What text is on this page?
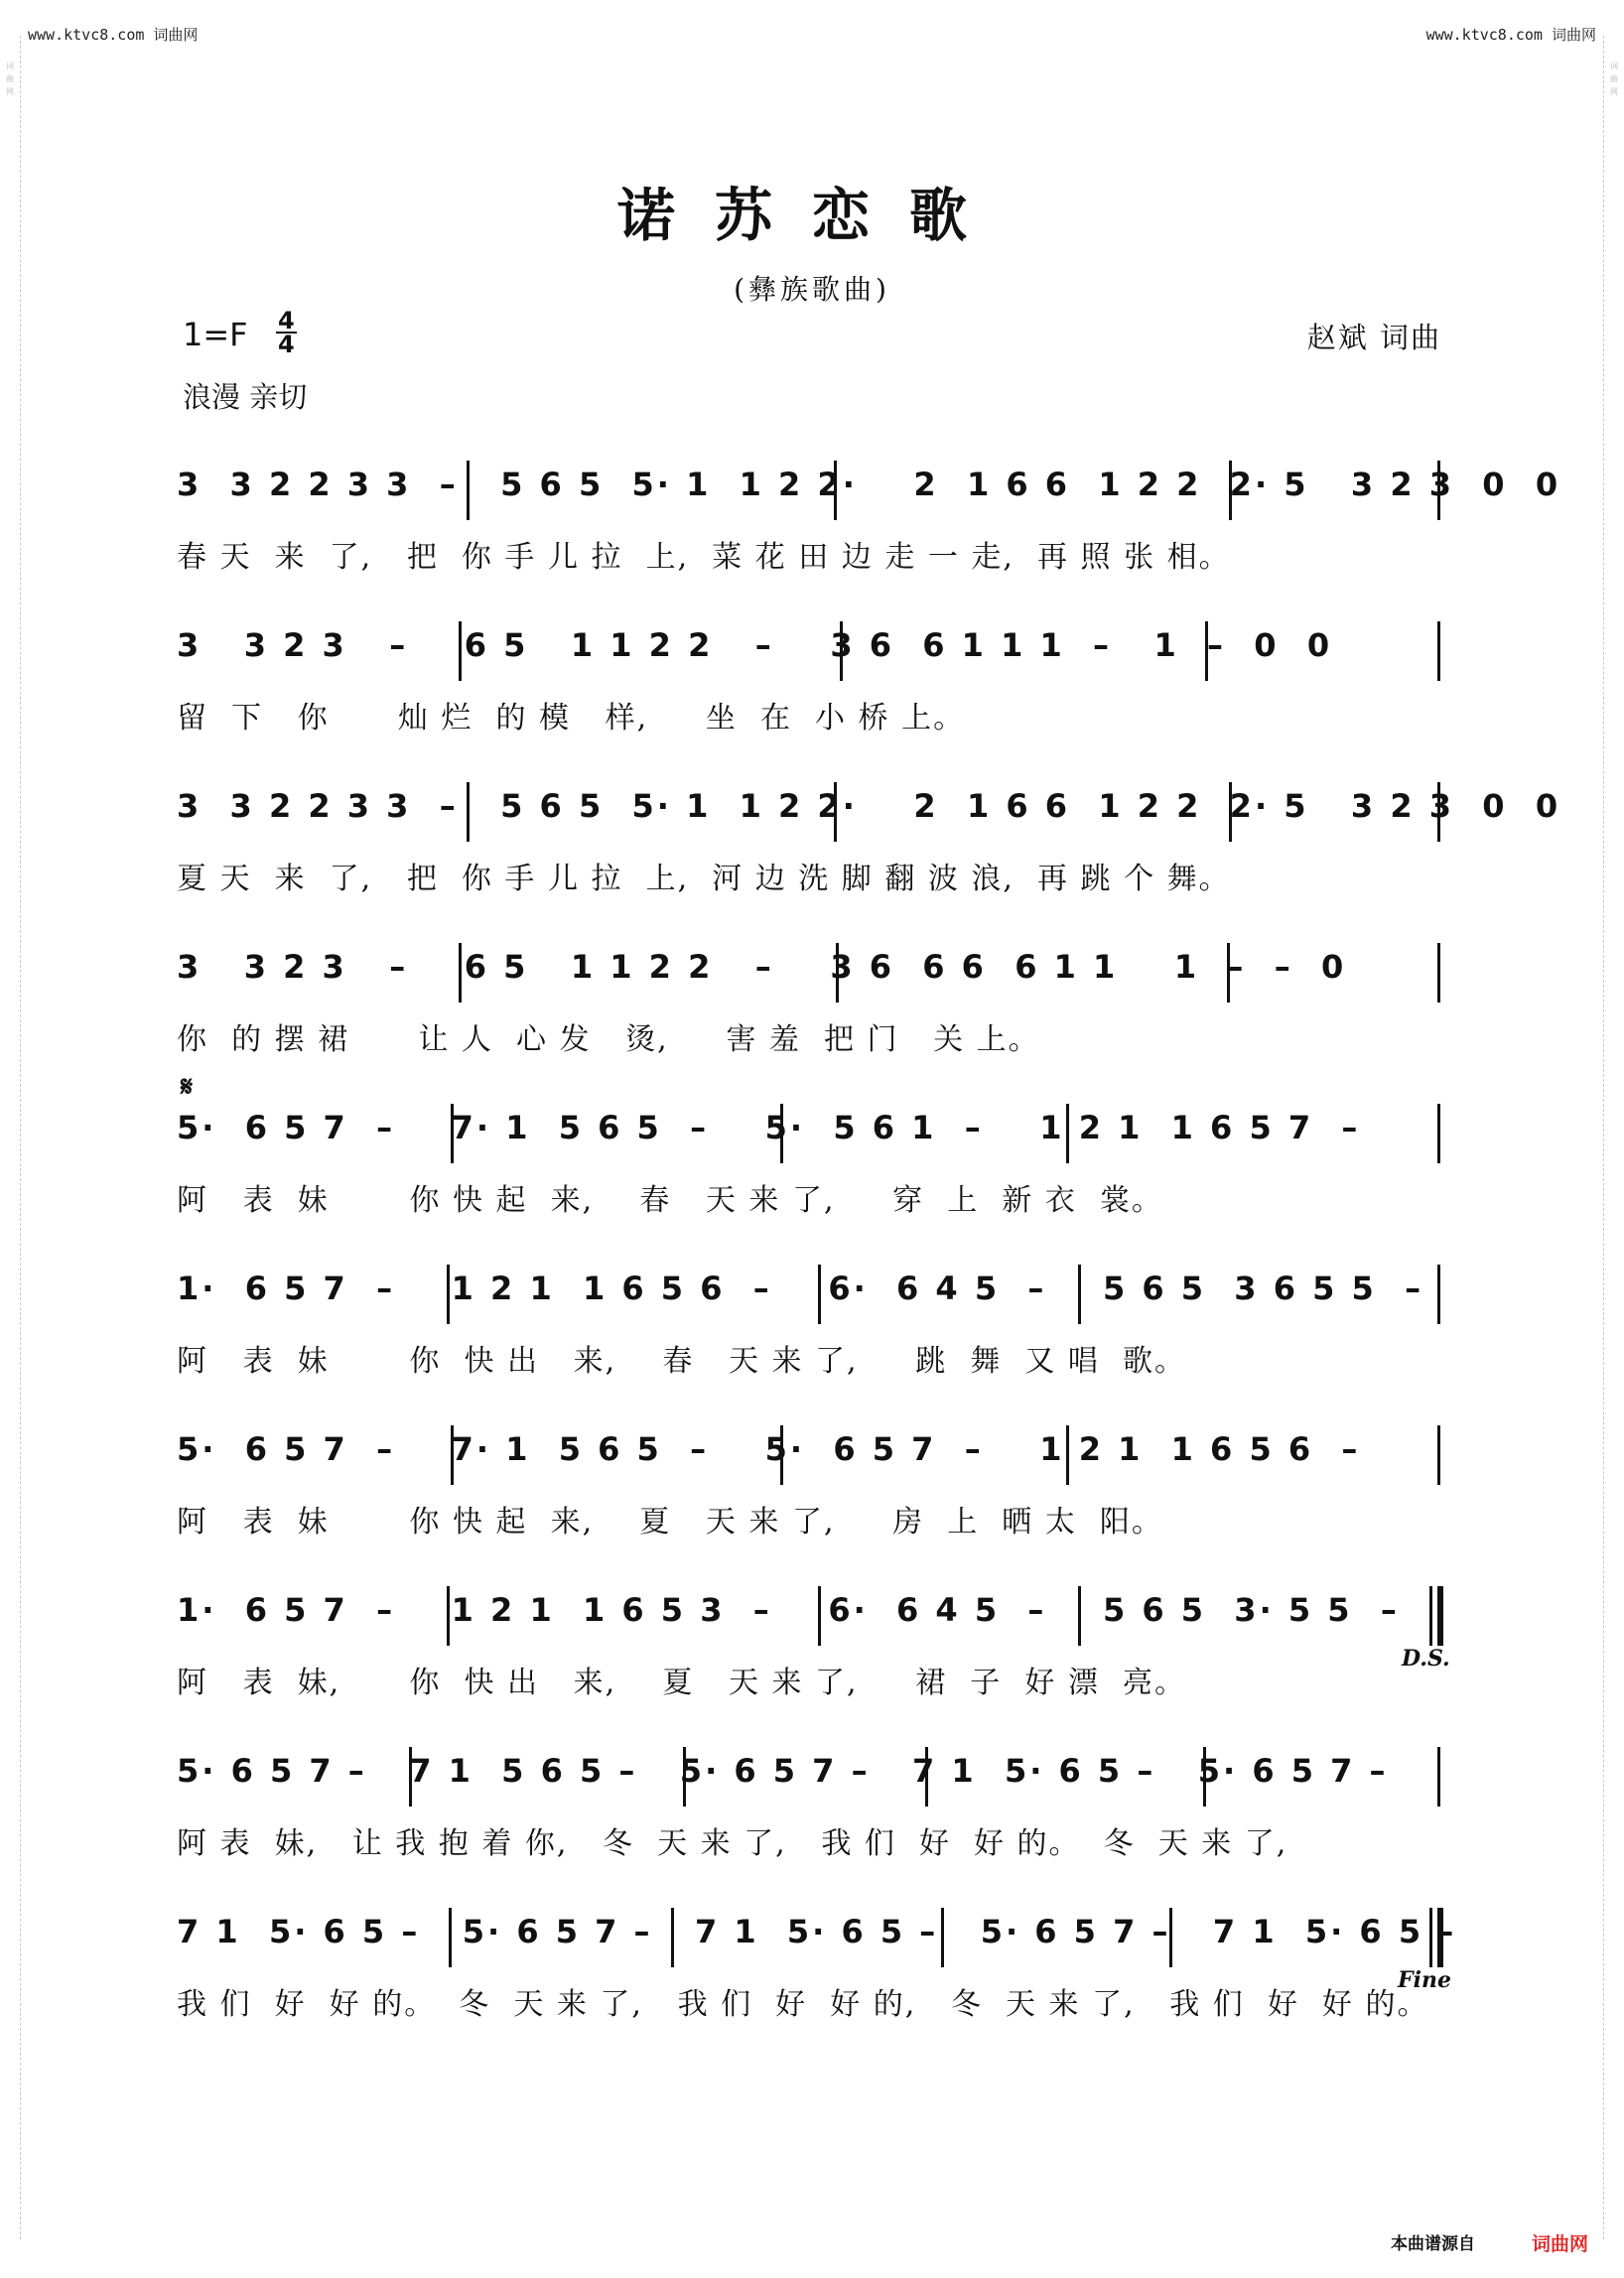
www.ktvc8.com 词曲网	www.ktvc8.com 词曲网
词曲网
词曲网
诺苏恋歌
(彝族歌曲)
1=F 4
4	赵斌 词曲
浪漫 亲切
3  3 2 2 3 3  –   5 6 5  5· 1  1 2 2·    2  1 6 6  1 2 2  2· 5   3 2 3  0  0
春 天  来  了,   把  你 手 儿 拉  上,  菜 花 田 边 走 一 走,  再 照 张 相。
3   3 2 3   –    6 5   1 1 2 2   –    3 6  6 1 1 1  –   1  –  0  0
留  下   你      灿 烂  的 模   样,     坐  在  小 桥 上。
3  3 2 2 3 3  –   5 6 5  5· 1  1 2 2·    2  1 6 6  1 2 2  2· 5   3 2 3  0  0
夏 天  来  了,   把  你 手 儿 拉  上,  河 边 洗 脚 翻 波 浪,  再 跳 个 舞。
3   3 2 3   –    6 5   1 1 2 2   –    3 6  6 6  6 1 1    1  –  –  0
你  的 摆 裙      让 人  心 发   烫,     害 羞  把 门   关 上。
𝄋
5·  6 5 7  –    7· 1  5 6 5  –    5·  5 6 1  –    1 2 1  1 6 5 7  –
阿   表  妹       你 快 起  来,    春   天 来 了,     穿  上  新 衣  裳。
1·  6 5 7  –    1 2 1  1 6 5 6  –    6·  6 4 5  –    5 6 5  3 6 5 5  –
阿   表  妹       你  快 出   来,    春   天 来 了,     跳  舞  又 唱  歌。
5·  6 5 7  –    7· 1  5 6 5  –    5·  6 5 7  –    1 2 1  1 6 5 6  –
阿   表  妹       你 快 起  来,    夏   天 来 了,     房  上  晒 太  阳。
1·  6 5 7  –    1 2 1  1 6 5 3  –    6·  6 4 5  –    5 6 5  3· 5 5  –
D.S.
阿   表  妹,      你  快 出   来,    夏   天 来 了,     裙  子  好 漂  亮。
5· 6 5 7 –   7 1  5 6 5 –   5· 6 5 7 –   7 1  5· 6 5 –   5· 6 5 7 –
阿 表  妹,   让 我 抱 着 你,   冬  天 来 了,   我 们  好  好 的。  冬  天 来 了,
7 1  5· 6 5 –   5· 6 5 7 –   7 1  5· 6 5 –   5· 6 5 7 –   7 1  5· 6 5 –
Fine
我 们  好  好 的。  冬  天 来 了,   我 们  好  好 的,   冬  天 来 了,   我 们  好  好 的。
本曲谱源自	词曲网
